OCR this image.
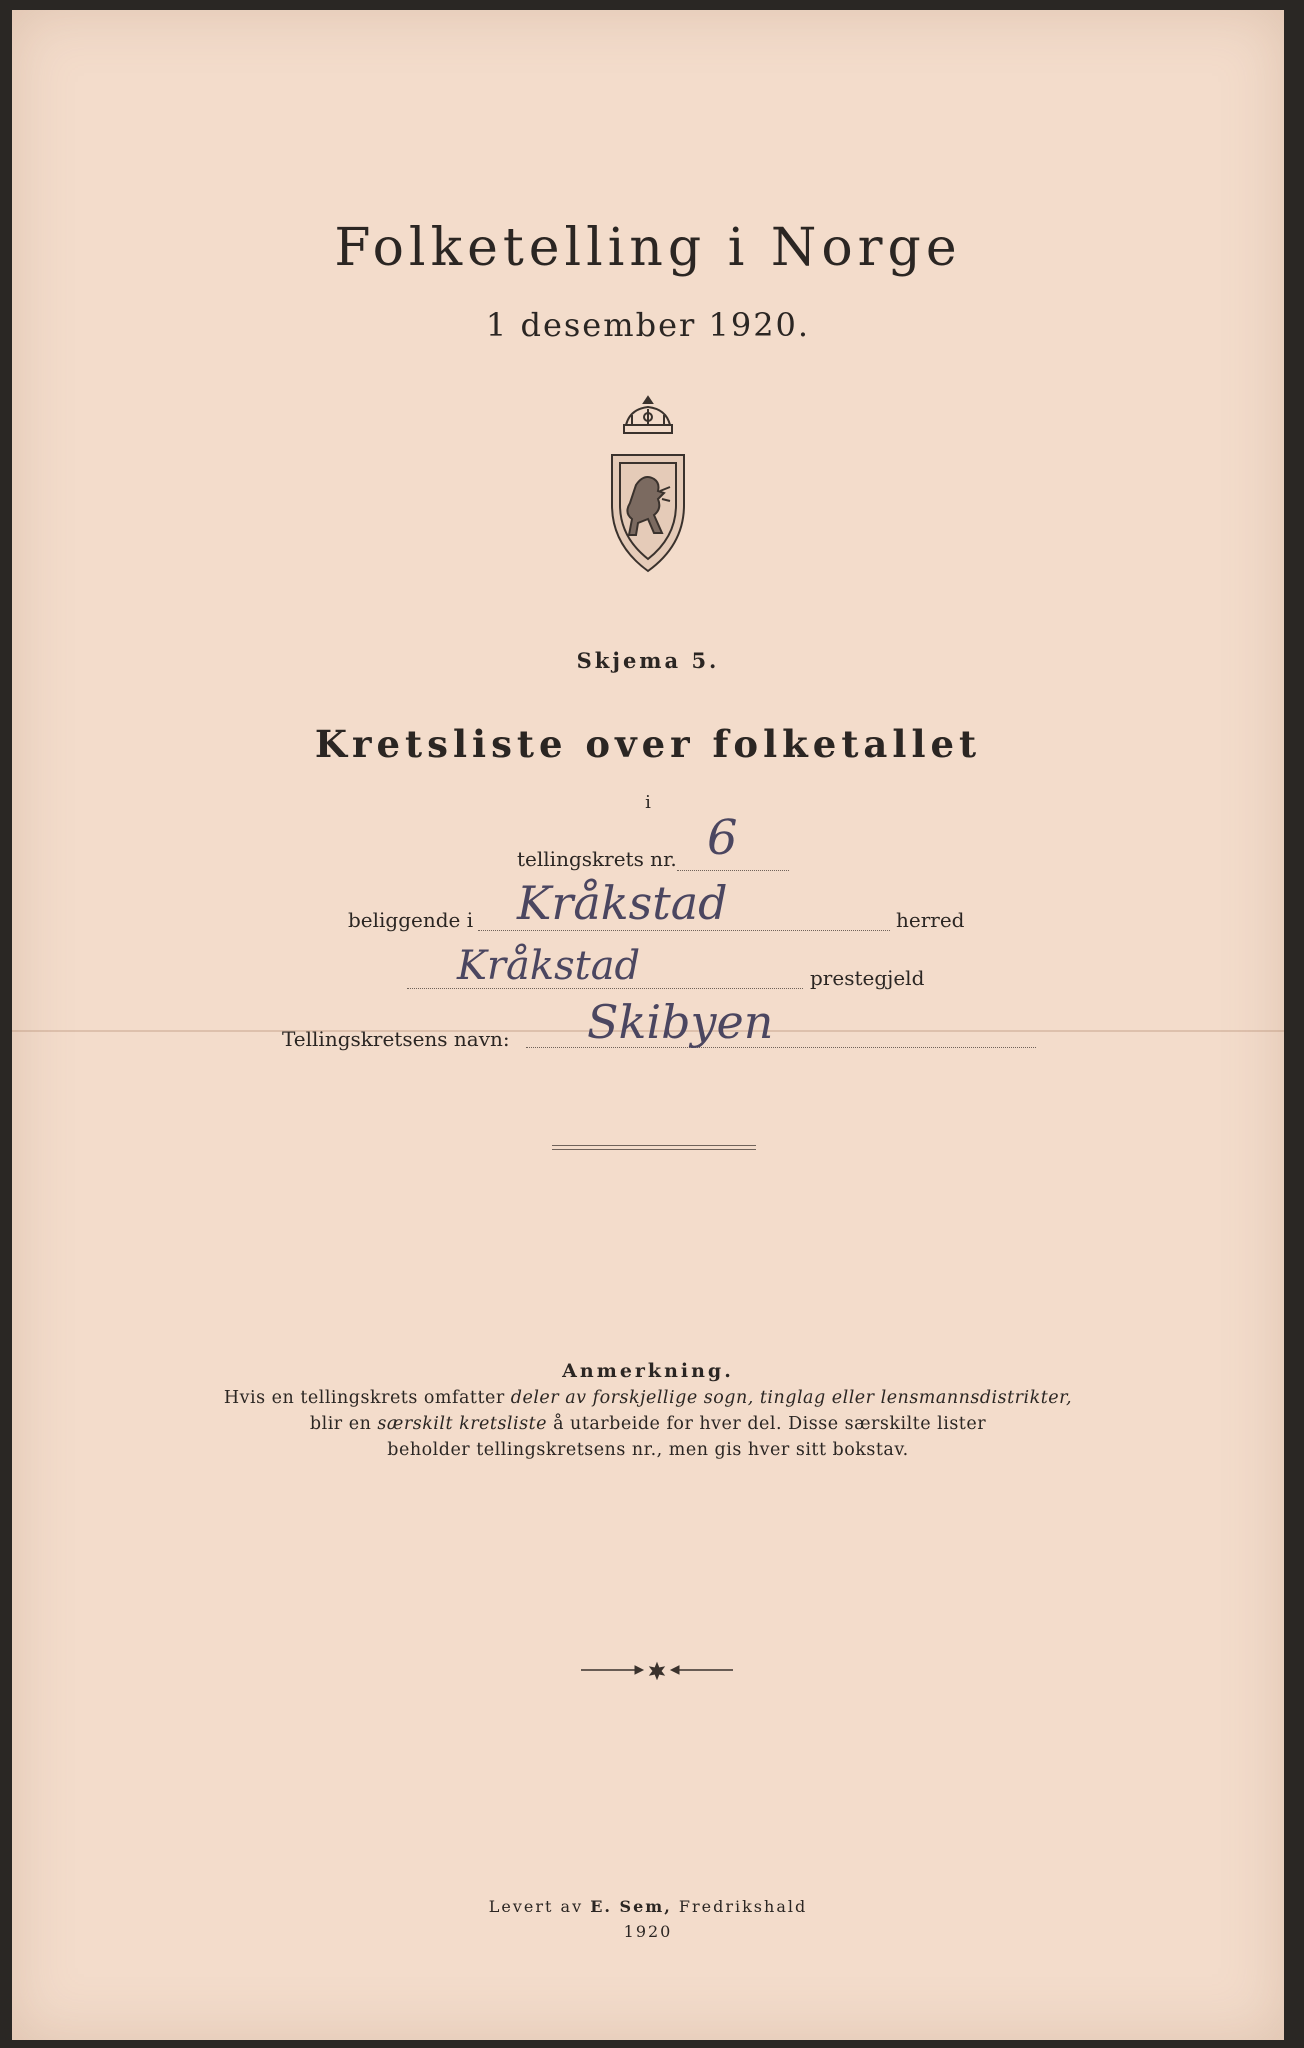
Folketelling i Norge
1 desember 1920.
Skjema 5.
Kretsliste over folketallet
i
tellingskrets nr. 6
beliggende i Kråkstad	herred
Kråkstad	prestegjeld
Tellingskretsens navn: Skibyen
Anmerkning.
Hvis en tellingskrets omfatter deler av forskjellige sogn, tinglag eller lensmannsdistrikter,
blir en særskilt kretsliste å utarbeide for hver del. Disse særskilte lister
beholder tellingskretsens nr., men gis hver sitt bokstav.
Levert av E. Sem, Fredrikshald
1920
